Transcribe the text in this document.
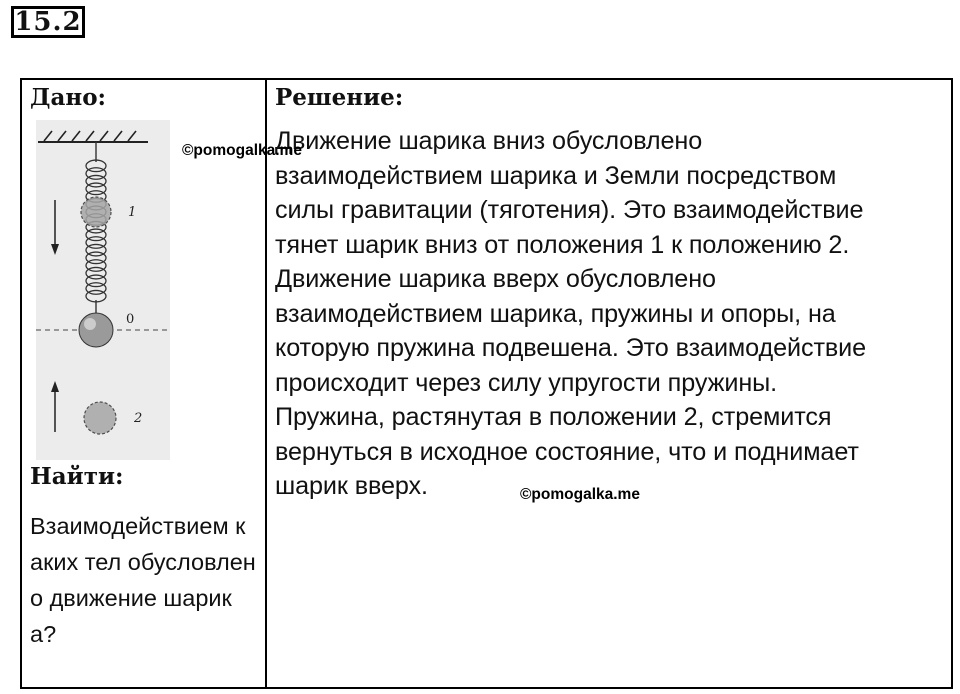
15.2
Дано:
1
0
2
Найти:
Взаимодействием каких тел обусловлено движение шарика?
Решение:
Движение шарика вниз обусловлено
взаимодействием шарика и Земли посредством
силы гравитации (тяготения). Это взаимодействие
тянет шарик вниз от положения 1 к положению 2.
Движение шарика вверх обусловлено
взаимодействием шарика, пружины и опоры, на
которую пружина подвешена. Это взаимодействие
происходит через силу упругости пружины.
Пружина, растянутая в положении 2, стремится
вернуться в исходное состояние, что и поднимает
шарик вверх.
©pomogalka.me
©pomogalka.me
